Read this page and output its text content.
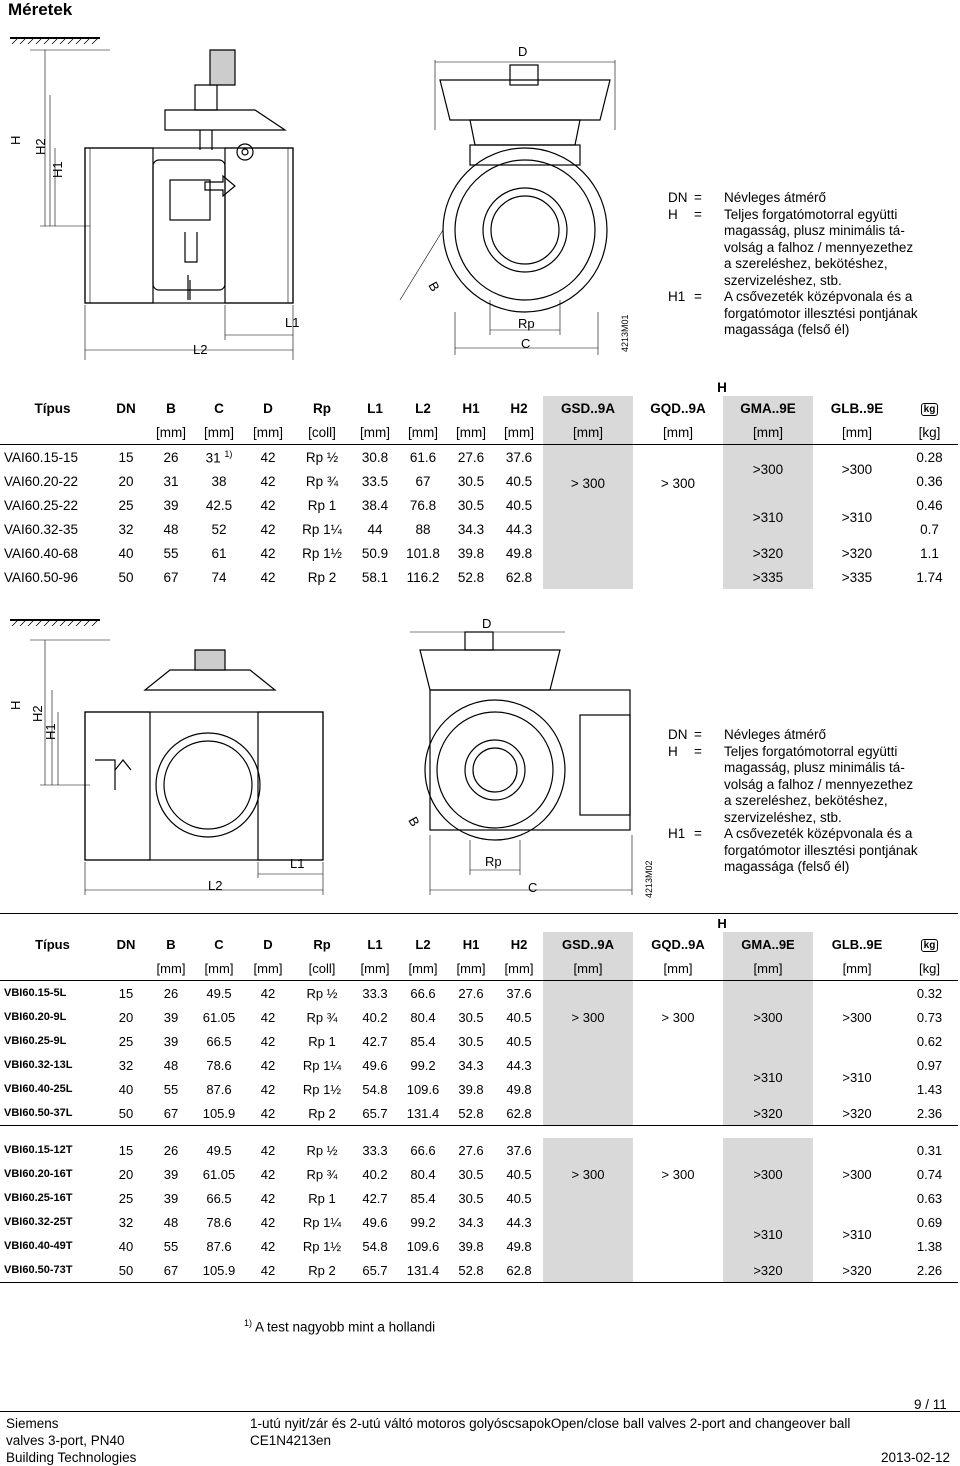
Méretek
D
H H2
H1
L1
L2
B
Rp
C	4213M01
DN =	Névleges átmérő
H	=	Teljes forgatómotorral együtti
magasság, plusz minimális tá-
volság a falhoz / mennyezethez
a szereléshez, bekötéshez,
szervizeléshez, stb.
H1 =	A csővezeték középvonala és a
forgatómotor illesztési pontjának
magassága (felső él)
										H				
Típus	DN	B	C	D	Rp	L1	L2	H1	H2	GSD..9A	GQD..9A	GMA..9E	GLB..9E	kg
		[mm]	[mm]	[mm]	[coll]	[mm]	[mm]	[mm]	[mm]	[mm]	[mm]	[mm]	[mm]	[kg]
VAI60.15-15	15	26	31 $^{1)}$	42	Rp ½	30.8	61.6	27.6	37.6	> 300	> 300	>300	>300	0.28
VAI60.20-22	20	31	38	42	Rp ¾	33.5	67	30.5	40.5					0.36
VAI60.25-22	25	39	42.5	42	Rp 1	38.4	76.8	30.5	40.5			>310	>310	0.46
VAI60.32-35	32	48	52	42	Rp 1¼	44	88	34.3	44.3					0.7
VAI60.40-68	40	55	61	42	Rp 1½	50.9	101.8	39.8	49.8			>320	>320	1.1
VAI60.50-96	50	67	74	42	Rp 2	58.1	116.2	52.8	62.8			>335	>335	1.74
D
H
H2
H1
L1
L2
B
Rp
C	4213M02
DN =	Névleges átmérő
H	=	Teljes forgatómotorral együtti
magasság, plusz minimális tá-
volság a falhoz / mennyezethez
a szereléshez, bekötéshez,
szervizeléshez, stb.
H1 =	A csővezeték középvonala és a
forgatómotor illesztési pontjának
magassága (felső él)
										H				
Típus	DN	B	C	D	Rp	L1	L2	H1	H2	GSD..9A	GQD..9A	GMA..9E	GLB..9E	kg
		[mm]	[mm]	[mm]	[coll]	[mm]	[mm]	[mm]	[mm]	[mm]	[mm]	[mm]	[mm]	[kg]
VBI60.15-5L	15	26	49.5	42	Rp ½	33.3	66.6	27.6	37.6	> 300	> 300	>300	>300	0.32
VBI60.20-9L	20	39	61.05	42	Rp ¾	40.2	80.4	30.5	40.5					0.73
VBI60.25-9L	25	39	66.5	42	Rp 1	42.7	85.4	30.5	40.5					0.62
VBI60.32-13L	32	48	78.6	42	Rp 1¼	49.6	99.2	34.3	44.3			>310	>310	0.97
VBI60.40-25L	40	55	87.6	42	Rp 1½	54.8	109.6	39.8	49.8					1.43
VBI60.50-37L	50	67	105.9	42	Rp 2	65.7	131.4	52.8	62.8			>320	>320	2.36

VBI60.15-12T	15	26	49.5	42	Rp ½	33.3	66.6	27.6	37.6	> 300	> 300	>300	>300	0.31
VBI60.20-16T	20	39	61.05	42	Rp ¾	40.2	80.4	30.5	40.5					0.74
VBI60.25-16T	25	39	66.5	42	Rp 1	42.7	85.4	30.5	40.5					0.63
VBI60.32-25T	32	48	78.6	42	Rp 1¼	49.6	99.2	34.3	44.3			>310	>310	0.69
VBI60.40-49T	40	55	87.6	42	Rp 1½	54.8	109.6	39.8	49.8					1.38
VBI60.50-73T	50	67	105.9	42	Rp 2	65.7	131.4	52.8	62.8			>320	>320	2.26
$^{1)}$ A test nagyobb mint a hollandi
9 / 11
Siemens
valves 3-port, PN40
Building Technologies
1-utú nyit/zár és 2-utú váltó motoros golyóscsapokOpen/close ball valves 2-port and changeover ball
CE1N4213en
2013-02-12
